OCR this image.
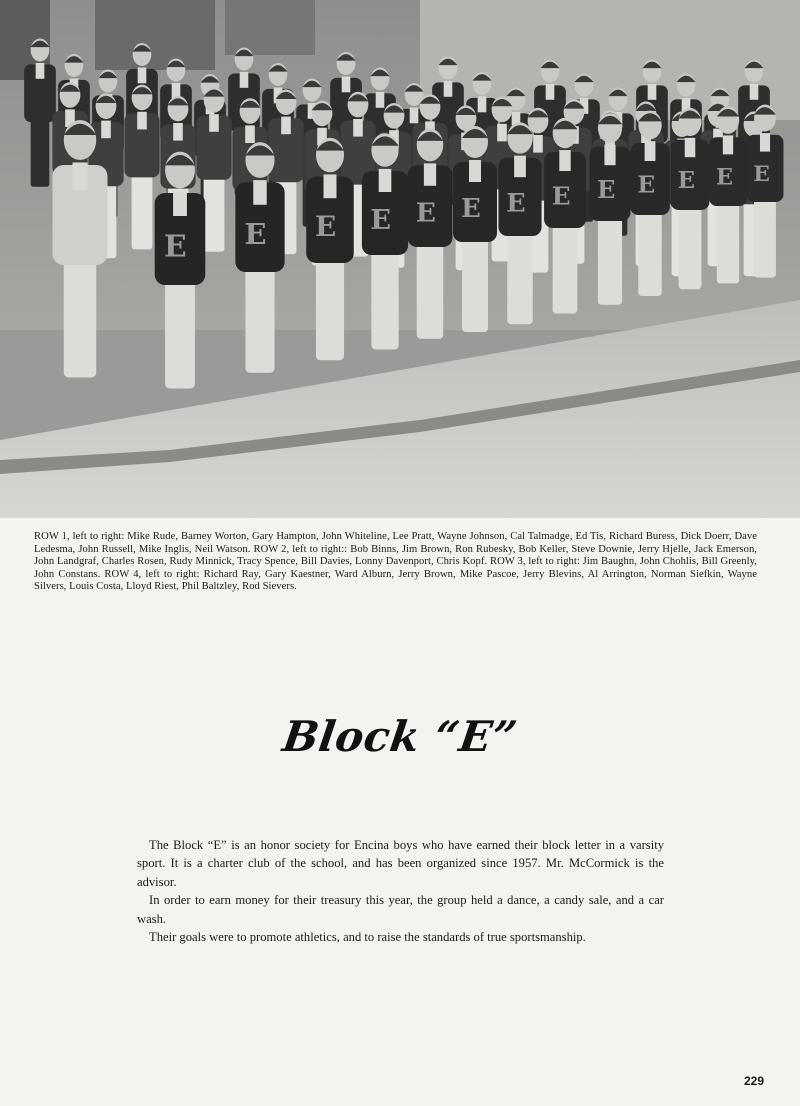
E E E E E E E E E E E E E

ROW 1, left to right: Mike Rude, Barney Worton, Gary Hampton, John Whiteline, Lee Pratt, Wayne Johnson, Cal Talmadge, Ed Tis, Richard Buress, Dick Doerr, Dave Ledesma, John Russell, Mike Inglis, Neil Watson. ROW 2, left to right:: Bob Binns, Jim Brown, Ron Rubesky, Bob Keller, Steve Downie, Jerry Hjelle, Jack Emerson, John Landgraf, Charles Rosen, Rudy Minnick, Tracy Spence, Bill Davies, Lonny Davenport, Chris Kopf. ROW 3, left to right: Jim Baughn, John Chohlis, Bill Greenly, John Constans. ROW 4, left to right: Richard Ray, Gary Kaestner, Ward Alburn, Jerry Brown, Mike Pascoe, Jerry Blevins, Al Arrington, Norman Siefkin, Wayne Silvers, Louis Costa, Lloyd Riest, Phil Baltzley, Rod Sievers.

Block “E”

The Block “E” is an honor society for Encina boys who have earned their block letter in a varsity sport. It is a charter club of the school, and has been organized since 1957. Mr. McCormick is the advisor.

In order to earn money for their treasury this year, the group held a dance, a candy sale, and a car wash.

Their goals were to promote athletics, and to raise the standards of true sportsmanship.

229
